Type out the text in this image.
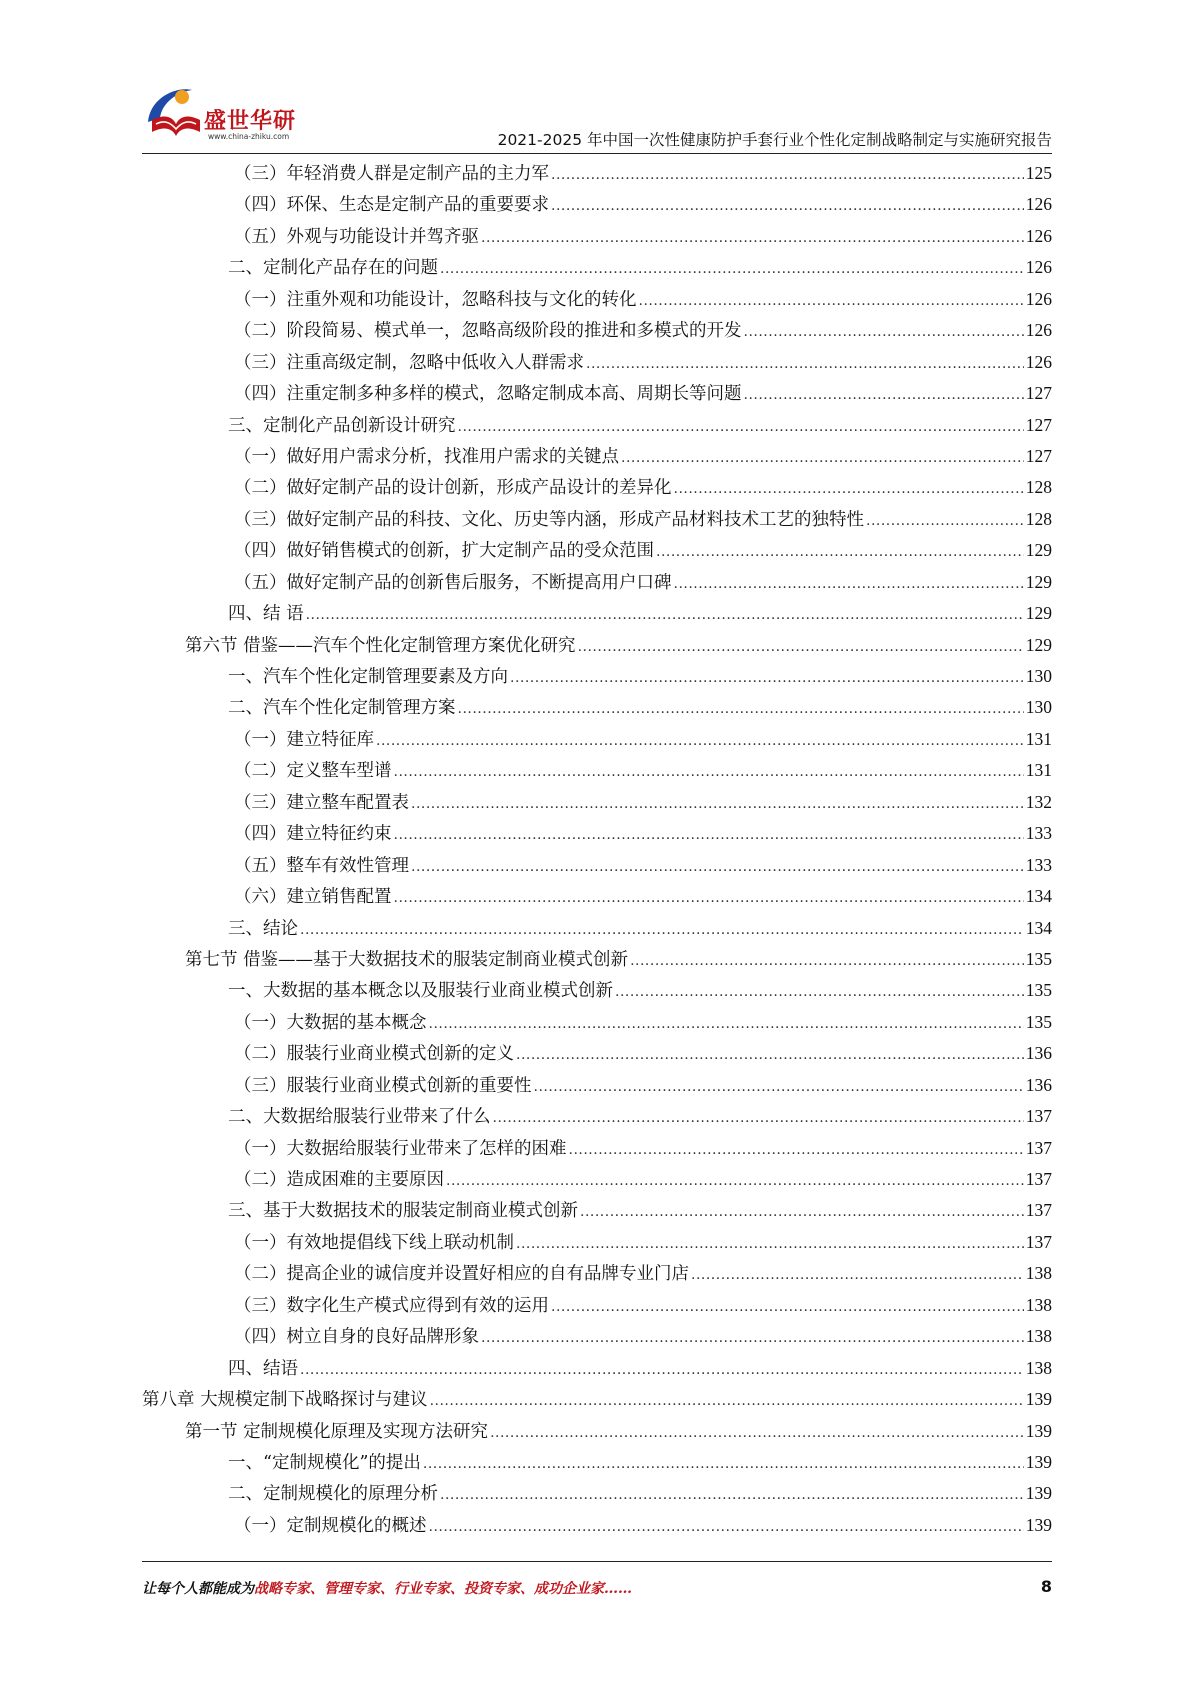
盛世华研
www.china-zhiku.com	2021-2025 年中国一次性健康防护手套行业个性化定制战略制定与实施研究报告
（三）年轻消费人群是定制产品的主力军 .....	125
（四）环保、生态是定制产品的重要要求 .....	126
（五）外观与功能设计并驾齐驱 .....	126
二、定制化产品存在的问题 .....	126
（一）注重外观和功能设计，忽略科技与文化的转化 .....	126
（二）阶段简易、模式单一，忽略高级阶段的推进和多模式的开发 .....	126
（三）注重高级定制，忽略中低收入人群需求 .....	126
（四）注重定制多种多样的模式，忽略定制成本高、周期长等问题 .....	127
三、定制化产品创新设计研究 .....	127
（一）做好用户需求分析，找准用户需求的关键点 .....	127
（二）做好定制产品的设计创新，形成产品设计的差异化 .....	128
（三）做好定制产品的科技、文化、历史等内涵，形成产品材料技术工艺的独特性 .....	128
（四）做好销售模式的创新，扩大定制产品的受众范围 .....	129
（五）做好定制产品的创新售后服务，不断提高用户口碑 .....	129
四、结 语 .....	129
第六节 借鉴——汽车个性化定制管理方案优化研究 .....	129
一、汽车个性化定制管理要素及方向 .....	130
二、汽车个性化定制管理方案 .....	130
（一）建立特征库 .....	131
（二）定义整车型谱 .....	131
（三）建立整车配置表 .....	132
（四）建立特征约束 .....	133
（五）整车有效性管理 .....	133
（六）建立销售配置 .....	134
三、结论 .....	134
第七节 借鉴——基于大数据技术的服装定制商业模式创新 .....	135
一、大数据的基本概念以及服装行业商业模式创新 .....	135
（一）大数据的基本概念 .....	135
（二）服装行业商业模式创新的定义 .....	136
（三）服装行业商业模式创新的重要性 .....	136
二、大数据给服装行业带来了什么 .....	137
（一）大数据给服装行业带来了怎样的困难 .....	137
（二）造成困难的主要原因 .....	137
三、基于大数据技术的服装定制商业模式创新 .....	137
（一）有效地提倡线下线上联动机制 .....	137
（二）提高企业的诚信度并设置好相应的自有品牌专业门店 .....	138
（三）数字化生产模式应得到有效的运用 .....	138
（四）树立自身的良好品牌形象 .....	138
四、结语 .....	138
第八章 大规模定制下战略探讨与建议 .....	139
第一节 定制规模化原理及实现方法研究 .....	139
一、“定制规模化”的提出 .....	139
二、定制规模化的原理分析 .....	139
（一）定制规模化的概述 .....	139
让每个人都能成为战略专家、管理专家、行业专家、投资专家、成功企业家……	8
